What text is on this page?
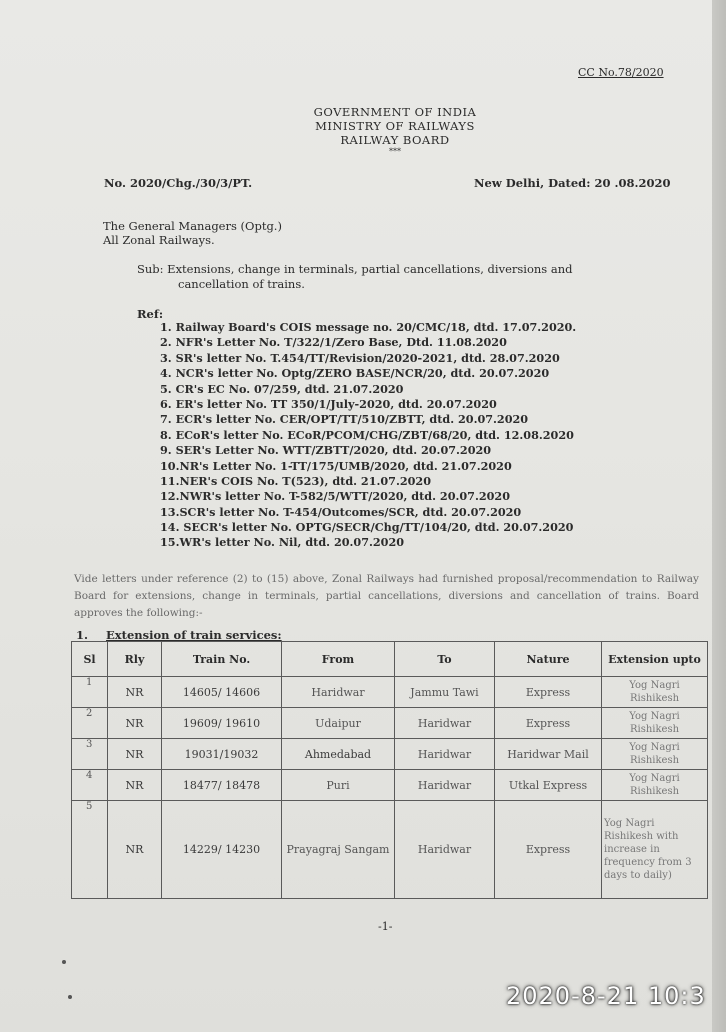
CC No.78/2020
GOVERNMENT OF INDIA
MINISTRY OF RAILWAYS
RAILWAY BOARD
***
No. 2020/Chg./30/3/PT.	New Delhi, Dated: 20 .08.2020
The General Managers (Optg.)
All Zonal Railways.
Sub: Extensions, change in terminals, partial cancellations, diversions and
cancellation of trains.
Ref:
1. Railway Board's COIS message no. 20/CMC/18, dtd. 17.07.2020.
2. NFR's Letter No. T/322/1/Zero Base, Dtd. 11.08.2020
3. SR's letter No. T.454/TT/Revision/2020-2021, dtd. 28.07.2020
4. NCR's letter No. Optg/ZERO BASE/NCR/20, dtd. 20.07.2020
5. CR's EC No. 07/259, dtd. 21.07.2020
6. ER's letter No. TT 350/1/July-2020, dtd. 20.07.2020
7. ECR's letter No. CER/OPT/TT/510/ZBTT, dtd. 20.07.2020
8. ECoR's letter No. ECoR/PCOM/CHG/ZBT/68/20, dtd. 12.08.2020
9. SER's Letter No. WTT/ZBTT/2020, dtd. 20.07.2020
10.NR's Letter No. 1-TT/175/UMB/2020, dtd. 21.07.2020
11.NER's COIS No. T(523), dtd. 21.07.2020
12.NWR's letter No. T-582/5/WTT/2020, dtd. 20.07.2020
13.SCR's letter No. T-454/Outcomes/SCR, dtd. 20.07.2020
14. SECR's letter No. OPTG/SECR/Chg/TT/104/20, dtd. 20.07.2020
15.WR's letter No. Nil, dtd. 20.07.2020
Vide letters under reference (2) to (15) above, Zonal Railways had furnished proposal/recommendation to Railway Board for extensions, change in terminals, partial cancellations, diversions and cancellation of trains. Board approves the following:-
1. Extension of train services:
Sl	Rly	Train No.	From	To	Nature	Extension upto
1	NR	14605/ 14606	Haridwar	Jammu Tawi	Express	Yog Nagri Rishikesh
2	NR	19609/ 19610	Udaipur	Haridwar	Express	Yog Nagri Rishikesh
3	NR	19031/19032	Ahmedabad	Haridwar	Haridwar Mail	Yog Nagri Rishikesh
4	NR	18477/ 18478	Puri	Haridwar	Utkal Express	Yog Nagri Rishikesh
5	NR	14229/ 14230	Prayagraj Sangam	Haridwar	Express	Yog Nagri Rishikesh with increase in frequency from 3 days to daily)
-1-
2020-8-21 10:3
